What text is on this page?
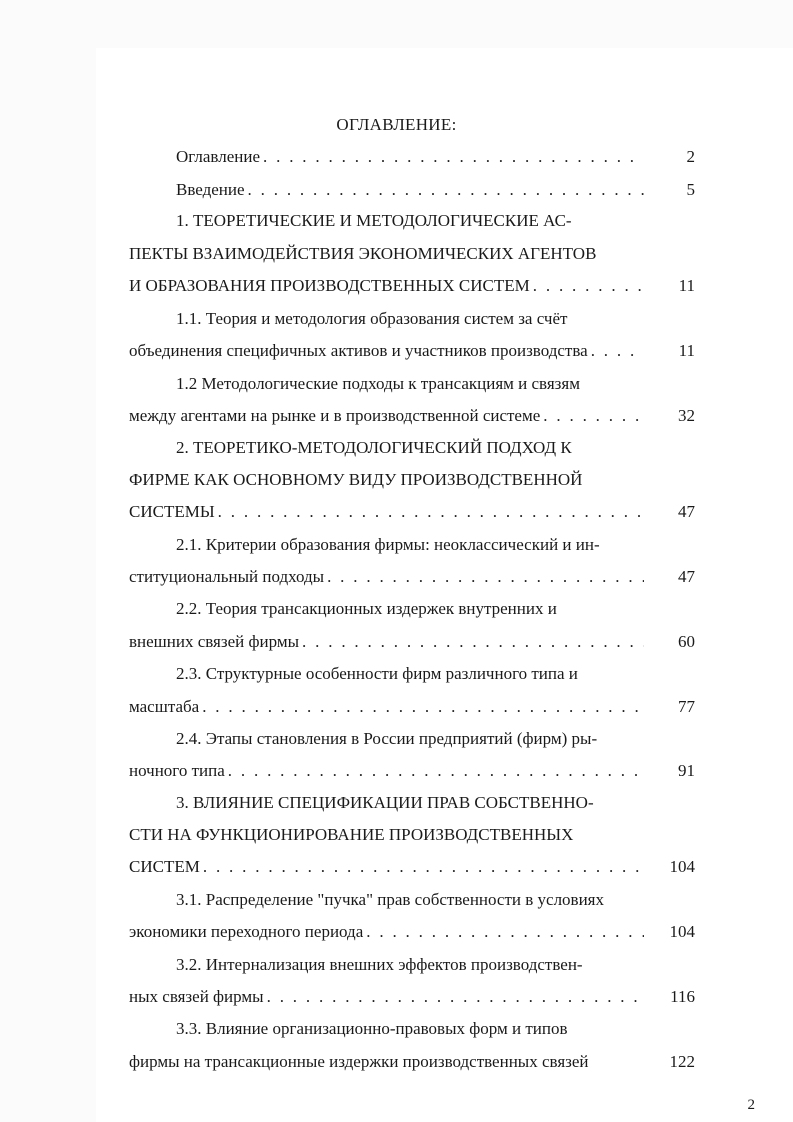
ОГЛАВЛЕНИЕ:
Оглавление . . .	2
Введение . . .	5
1. ТЕОРЕТИЧЕСКИЕ И МЕТОДОЛОГИЧЕСКИЕ АС-
ПЕКТЫ ВЗАИМОДЕЙСТВИЯ ЭКОНОМИЧЕСКИХ АГЕНТОВ
И ОБРАЗОВАНИЯ ПРОИЗВОДСТВЕННЫХ СИСТЕМ . . .	11
1.1. Теория и методология образования систем за счёт
объединения специфичных активов и участников производства . . .	11
1.2 Методологические подходы к трансакциям и связям
между агентами на рынке и в производственной системе . . .	32
2. ТЕОРЕТИКО-МЕТОДОЛОГИЧЕСКИЙ ПОДХОД К
ФИРМЕ КАК ОСНОВНОМУ ВИДУ ПРОИЗВОДСТВЕННОЙ
СИСТЕМЫ . . .	47
2.1. Критерии образования фирмы: неоклассический и ин-
ституциональный подходы . . .	47
2.2. Теория трансакционных издержек внутренних и
внешних связей фирмы . . .	60
2.3. Структурные особенности фирм различного типа и
масштаба . . .	77
2.4. Этапы становления в России предприятий (фирм) ры-
ночного типа . . .	91
3. ВЛИЯНИЕ СПЕЦИФИКАЦИИ ПРАВ СОБСТВЕННО-
СТИ НА ФУНКЦИОНИРОВАНИЕ ПРОИЗВОДСТВЕННЫХ
СИСТЕМ . . .	104
3.1. Распределение "пучка" прав собственности в условиях
экономики переходного периода . . .	104
3.2. Интернализация внешних эффектов производствен-
ных связей фирмы . . .	116
3.3. Влияние организационно-правовых форм и типов
фирмы на трансакционные издержки производственных связей	122
2
